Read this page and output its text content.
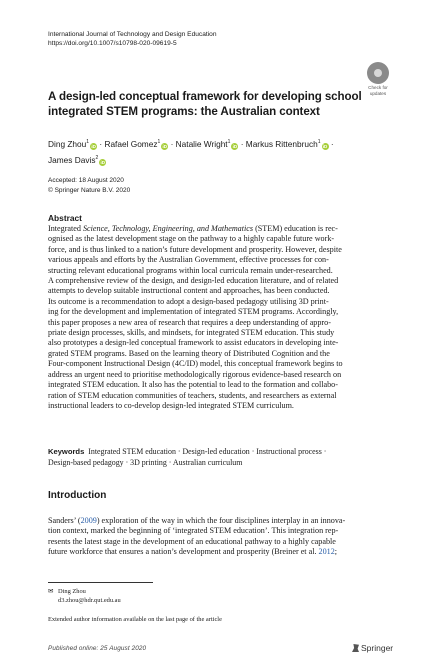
International Journal of Technology and Design Education
https://doi.org/10.1007/s10798-020-09619-5
Check for
updates
A design-led conceptual framework for developing school
integrated STEM programs: the Australian context
Ding Zhou$^1$iD · Rafael Gomez$^1$iD · Natalie Wright$^1$iD · Markus Rittenbruch$^1$iD ·
James Davis$^2$iD
Accepted: 18 August 2020
© Springer Nature B.V. 2020
Abstract
Integrated Science, Technology, Engineering, and Mathematics (STEM) education is rec-
ognised as the latest development stage on the pathway to a highly capable future work-
force, and is thus linked to a nation’s future development and prosperity. However, despite
various appeals and efforts by the Australian Government, effective processes for con-
structing relevant educational programs within local curricula remain under-researched.
A comprehensive review of the design, and design-led education literature, and of related
attempts to develop suitable instructional content and approaches, has been conducted.
Its outcome is a recommendation to adopt a design-based pedagogy utilising 3D print-
ing for the development and implementation of integrated STEM programs. Accordingly,
this paper proposes a new area of research that requires a deep understanding of appro-
priate design processes, skills, and mindsets, for integrated STEM education. This study
also prototypes a design-led conceptual framework to assist educators in developing inte-
grated STEM programs. Based on the learning theory of Distributed Cognition and the
Four-component Instructional Design (4C/ID) model, this conceptual framework begins to
address an urgent need to prioritise methodologically rigorous evidence-based research on
integrated STEM education. It also has the potential to lead to the formation and collabo-
ration of STEM education communities of teachers, students, and researchers as external
instructional leaders to co-develop design-led integrated STEM curriculum.
Keywords Integrated STEM education · Design-led education · Instructional process ·
Design-based pedagogy · 3D printing · Australian curriculum
Introduction
Sanders’ (2009) exploration of the way in which the four disciplines interplay in an innova-
tion context, marked the beginning of ‘integrated STEM education’. This integration rep-
resents the latest stage in the development of an educational pathway to a highly capable
future workforce that ensures a nation’s development and prosperity (Breiner et al. 2012;
✉ Ding Zhou
d3.zhou@hdr.qut.edu.au
Extended author information available on the last page of the article
Published online: 25 August 2020	Springer
